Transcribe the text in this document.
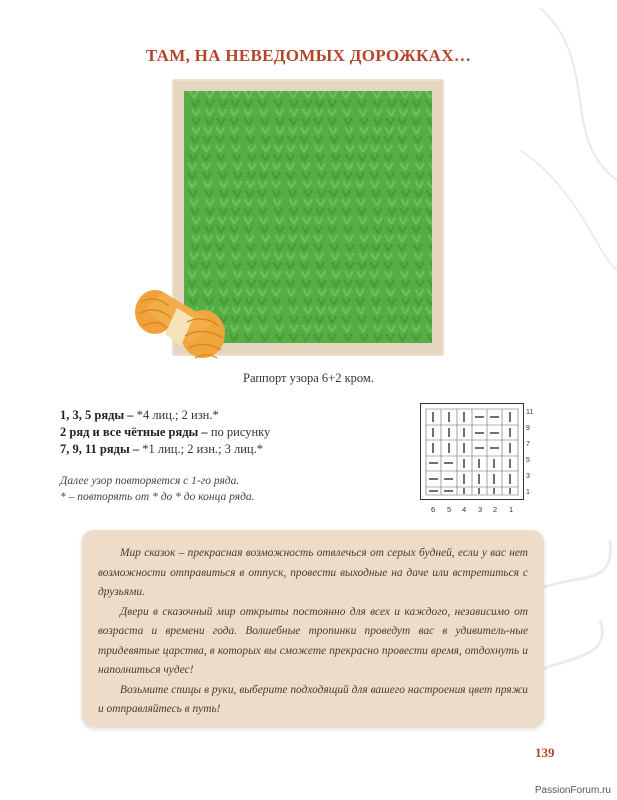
ТАМ, НА НЕВЕДОМЫХ ДОРОЖКАХ…
Раппорт узора 6+2 кром.
1, 3, 5 ряды – *4 лиц.; 2 изн.*
2 ряд и все чётные ряды – по рисунку
7, 9, 11 ряды – *1 лиц.; 2 изн.; 3 лиц.*
Далее узор повторяется с 1-го ряда.
* – повторять от * до * до конца ряда.
11
9
7
5
3
1
6 5 4 3 2 1

Мир сказок – прекрасная возможность отвлечься от серых будней, если у вас нет возможности отправиться в отпуск, провести выходные на даче или встретиться с друзьями.

Двери в сказочный мир открыты постоянно для всех и каждого, независимо от возраста и времени года. Волшебные тропинки проведут вас в удивитель-ные тридевятые царства, в которых вы сможете прекрасно провести время, отдохнуть и наполниться чудес!

Возьмите спицы в руки, выберите подходящий для вашего настроения цвет пряжи и отправляйтесь в путь!

139
PassionForum.ru
